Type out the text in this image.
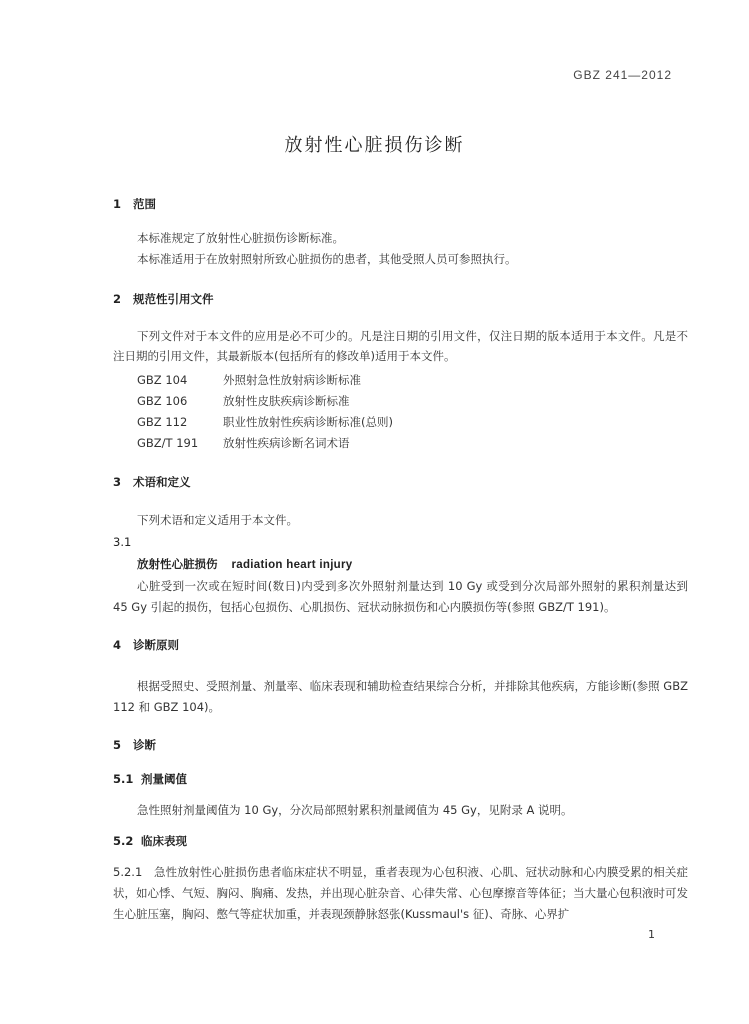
GBZ 241—2012
放射性心脏损伤诊断
1 范围
本标准规定了放射性心脏损伤诊断标准。
本标准适用于在放射照射所致心脏损伤的患者，其他受照人员可参照执行。
2 规范性引用文件
下列文件对于本文件的应用是必不可少的。凡是注日期的引用文件，仅注日期的版本适用于本文件。凡是不注日期的引用文件，其最新版本(包括所有的修改单)适用于本文件。
GBZ 104	外照射急性放射病诊断标准
GBZ 106	放射性皮肤疾病诊断标准
GBZ 112	职业性放射性疾病诊断标准(总则)
GBZ/T 191 放射性疾病诊断名词术语
3 术语和定义
下列术语和定义适用于本文件。
3.1
放射性心脏损伤 radiation heart injury
心脏受到一次或在短时间(数日)内受到多次外照射剂量达到 10 Gy 或受到分次局部外照射的累积剂量达到 45 Gy 引起的损伤，包括心包损伤、心肌损伤、冠状动脉损伤和心内膜损伤等(参照 GBZ/T 191)。
4 诊断原则
根据受照史、受照剂量、剂量率、临床表现和辅助检查结果综合分析，并排除其他疾病，方能诊断(参照 GBZ 112 和 GBZ 104)。
5 诊断
5.1 剂量阈值
急性照射剂量阈值为 10 Gy，分次局部照射累积剂量阈值为 45 Gy，见附录 A 说明。
5.2 临床表现
5.2.1　急性放射性心脏损伤患者临床症状不明显，重者表现为心包积液、心肌、冠状动脉和心内膜受累的相关症状，如心悸、气短、胸闷、胸痛、发热，并出现心脏杂音、心律失常、心包摩擦音等体征；当大量心包积液时可发生心脏压塞，胸闷、憋气等症状加重，并表现颈静脉怒张(Kussmaul's 征)、奇脉、心界扩
1
